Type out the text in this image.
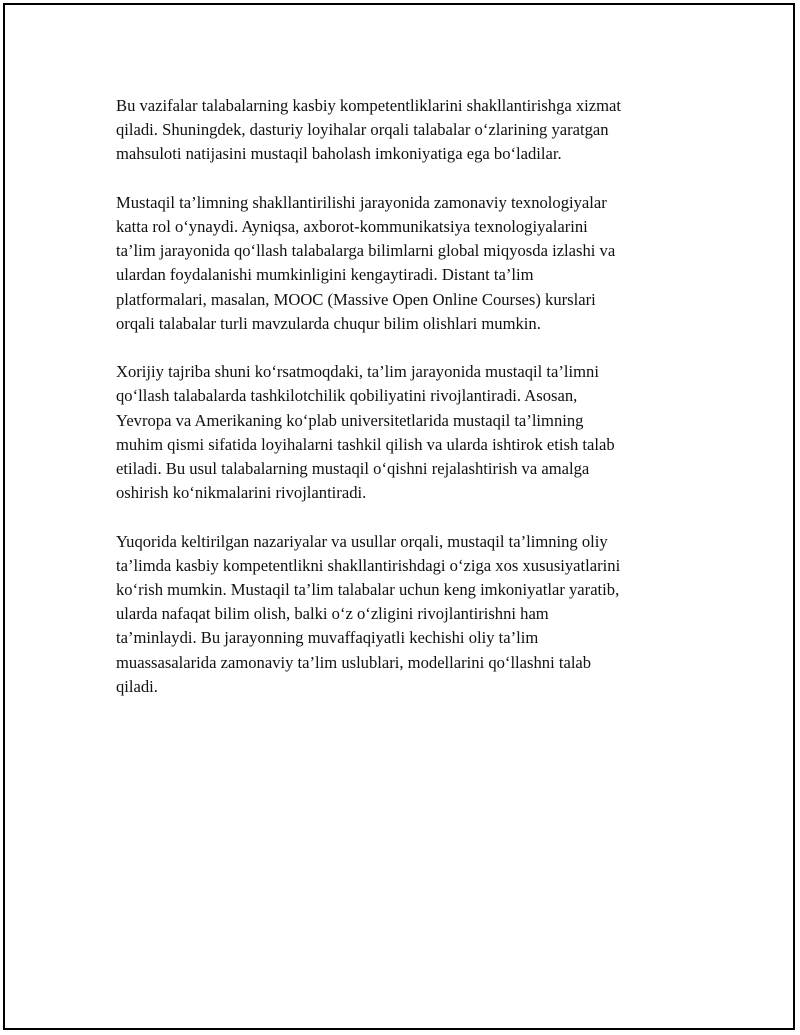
Bu vazifalar talabalarning kasbiy kompetentliklarini shakllantirishga xizmat
qiladi. Shuningdek, dasturiy loyihalar orqali talabalar o‘zlarining yaratgan
mahsuloti natijasini mustaqil baholash imkoniyatiga ega bo‘ladilar.

Mustaqil ta’limning shakllantirilishi jarayonida zamonaviy texnologiyalar
katta rol o‘ynaydi. Ayniqsa, axborot-kommunikatsiya texnologiyalarini
ta’lim jarayonida qo‘llash talabalarga bilimlarni global miqyosda izlashi va
ulardan foydalanishi mumkinligini kengaytiradi. Distant ta’lim
platformalari, masalan, MOOC (Massive Open Online Courses) kurslari
orqali talabalar turli mavzularda chuqur bilim olishlari mumkin.

Xorijiy tajriba shuni ko‘rsatmoqdaki, ta’lim jarayonida mustaqil ta’limni
qo‘llash talabalarda tashkilotchilik qobiliyatini rivojlantiradi. Asosan,
Yevropa va Amerikaning ko‘plab universitetlarida mustaqil ta’limning
muhim qismi sifatida loyihalarni tashkil qilish va ularda ishtirok etish talab
etiladi. Bu usul talabalarning mustaqil o‘qishni rejalashtirish va amalga
oshirish ko‘nikmalarini rivojlantiradi.

Yuqorida keltirilgan nazariyalar va usullar orqali, mustaqil ta’limning oliy
ta’limda kasbiy kompetentlikni shakllantirishdagi o‘ziga xos xususiyatlarini
ko‘rish mumkin. Mustaqil ta’lim talabalar uchun keng imkoniyatlar yaratib,
ularda nafaqat bilim olish, balki o‘z o‘zligini rivojlantirishni ham
ta’minlaydi. Bu jarayonning muvaffaqiyatli kechishi oliy ta’lim
muassasalarida zamonaviy ta’lim uslublari, modellarini qo‘llashni talab
qiladi.
